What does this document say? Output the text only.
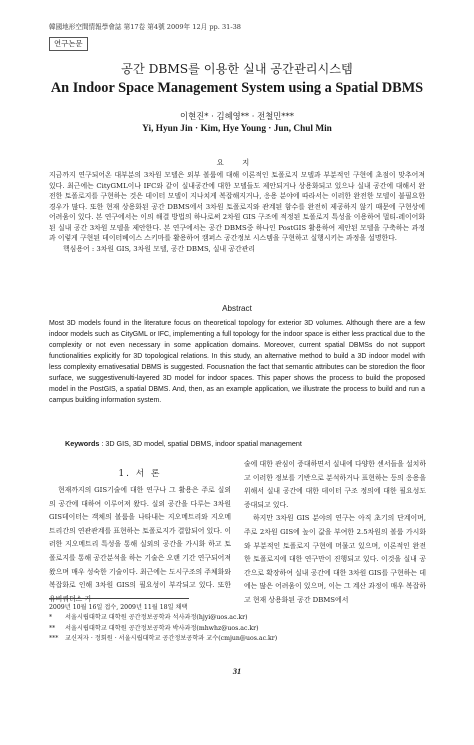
韓國地形空間情報學會誌 第17卷 第4號 2009年 12月 pp. 31-38
연구논문
공간 DBMS를 이용한 실내 공간관리시스템
An Indoor Space Management System using a Spatial DBMS
이현진* · 김혜영** · 전철민***
Yi, Hyun Jin · Kim, Hye Young · Jun, Chul Min
요 지
지금까지 연구되어온 대부분의 3차원 모델은 외부 볼륨에 대해 이론적인 토폴로지 모델과 부분적인 구현에 초점이 맞추어져 있다. 최근에는 CityGML이나 IFC와 같이 실내공간에 대한 모델들도 제안되거나 상용화되고 있으나 실내 공간에 대해서 완전한 토폴로지를 구현하는 것은 데이터 모델이 지나치게 복잡해지거나, 응용 분야에 따라서는 이러한 완전한 모델이 불필요한 경우가 많다. 또한 현재 상용화된 공간 DBMS에서 3차원 토폴로지와 관계된 함수를 완전히 제공하지 않기 때문에 구현상에 어려움이 있다. 본 연구에서는 이의 해결 방법의 하나로써 2차원 GIS 구조에 적정된 토폴로지 특성을 이용하여 멀티-레이어화된 실내 공간 3차원 모델을 제안한다. 본 연구에서는 공간 DBMS중 하나인 PostGIS 활용하여 제안된 모델을 구축하는 과정과 이렇게 구현된 데이터베이스 스키마를 활용하여 캠퍼스 공간정보 시스템을 구현하고 실행시키는 과정을 설명한다.
핵심용어 : 3차원 GIS, 3차원 모델, 공간 DBMS, 실내 공간관리
Abstract
Most 3D models found in the literature focus on theoretical topology for exterior 3D volumes. Although there are a few indoor models such as CityGML or IFC, implementing a full topology for the indoor space is either less practical due to the complexity or not even necessary in some application domains. Moreover, current spatial DBMSs do not support functionalities explicitly for 3D topological relations. In this study, an alternative method to build a 3D indoor model with less complexity ernativesatial DBMS is suggested. Focusnation the fact that semantic attributes can be storedion the floor surface, we suggestivenulti-layered 3D model for indoor spaces. This paper shows the process to build the proposed model in the PostGIS, a spatial DBMS. And, then, as an example application, we illustrate the process to build and run a campus building information system.
Keywords : 3D GIS, 3D model, spatial DBMS, indoor spatial management
1. 서 론

현재까지의 GIS기술에 대한 연구나 그 활용은 주로 실외의 공간에 대하여 이루어져 왔다. 실외 공간을 다루는 3차원 GIS데이터는 객체의 볼륨을 나타내는 지오메트리와 지오메트리간의 연관관계를 표현하는 토폴로지가 결합되어 있다. 이러한 지오메트리 특성을 통해 실외의 공간을 가시화 하고 토폴로지를 통해 공간분석을 하는 기술은 오랜 기간 연구되어져 왔으며 매우 성숙한 기술이다. 최근에는 도시구조의 주체화와 복잡화로 인해 3차원 GIS의 필요성이 부각되고 있다. 또한 유비쿼터스 기

술에 대한 관심이 증대하면서 실내에 다양한 센서들을 설치하고 이러한 정보를 기반으로 분석하거나 표현하는 등의 응용을 위해서 실내 공간에 대한 데이터 구조 정의에 대한 필요성도 증대되고 있다.

하지만 3차원 GIS 분야의 연구는 아직 초기의 단계이며, 주로 2차원 GIS에 높이 값을 부여한 2.5차원의 볼륨 가시화와 부분적인 토폴로지 구현에 머물고 있으며, 이론적인 완전한 토폴로지에 대한 연구만이 진행되고 있다. 이것을 실내 공간으로 확장하여 실내 공간에 대한 3차원 GIS를 구현하는 데에는 많은 어려움이 있으며, 이는 그 계산 과정이 매우 복잡하고 현재 상용화된 공간 DBMS에서

2009년 10월 16일 접수, 2009년 11월 18일 채택
*	서울시립대학교 대학원 공간정보공학과 석사과정(hjyi@uos.ac.kr)
**	서울시립대학교 대학원 공간정보공학과 박사과정(mhwhz@uos.ac.kr)
***	교신저자 · 정회원 · 서울시립대학교 공간정보공학과 교수(cmjun@uos.ac.kr)
31
